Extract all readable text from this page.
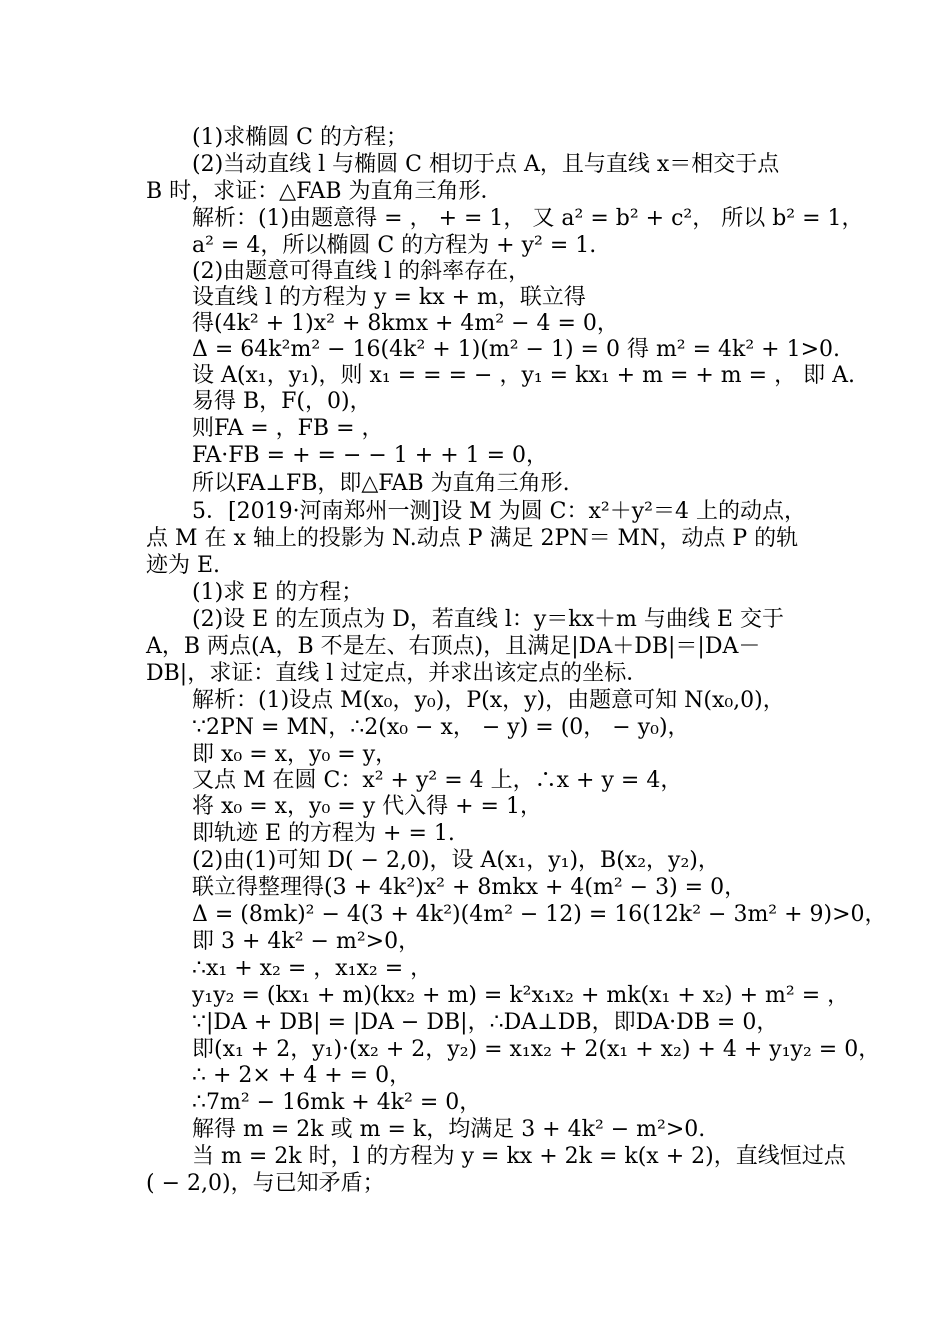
(1)求椭圆 C 的方程；
(2)当动直线 l 与椭圆 C 相切于点 A，且与直线 x＝相交于点
B 时，求证：△FAB 为直角三角形．
解析：(1)由题意得 = ， + = 1， 又 a² = b² + c²， 所以 b² = 1，
a² = 4，所以椭圆 C 的方程为 + y² = 1.
(2)由题意可得直线 l 的斜率存在，
设直线 l 的方程为 y = kx + m，联立得
得(4k² + 1)x² + 8kmx + 4m² − 4 = 0，
Δ = 64k²m² − 16(4k² + 1)(m² − 1) = 0 得 m² = 4k² + 1>0.
设 A(x₁，y₁)，则 x₁ = = = − ，y₁ = kx₁ + m = + m = ， 即 A.
易得 B，F(，0)，
则FA = ，FB = ，
FA·FB = + = − − 1 + + 1 = 0，
所以FA⊥FB，即△FAB 为直角三角形.
5．[2019·河南郑州一测]设 M 为圆 C：x²＋y²＝4 上的动点，
点 M 在 x 轴上的投影为 N.动点 P 满足 2PN＝ MN，动点 P 的轨
迹为 E.
(1)求 E 的方程；
(2)设 E 的左顶点为 D，若直线 l：y＝kx＋m 与曲线 E 交于
A，B 两点(A，B 不是左、右顶点)，且满足|DA＋DB|＝|DA－
DB|，求证：直线 l 过定点，并求出该定点的坐标．
解析：(1)设点 M(x₀，y₀)，P(x，y)，由题意可知 N(x₀,0)，
∵2PN = MN，∴2(x₀ − x， − y) = (0， − y₀)，
即 x₀ = x，y₀ = y，
又点 M 在圆 C：x² + y² = 4 上，∴x + y = 4，
将 x₀ = x，y₀ = y 代入得 + = 1，
即轨迹 E 的方程为 + = 1.
(2)由(1)可知 D( − 2,0)，设 A(x₁，y₁)，B(x₂，y₂)，
联立得整理得(3 + 4k²)x² + 8mkx + 4(m² − 3) = 0，
Δ = (8mk)² − 4(3 + 4k²)(4m² − 12) = 16(12k² − 3m² + 9)>0，
即 3 + 4k² − m²>0，
∴x₁ + x₂ = ，x₁x₂ = ，
y₁y₂ = (kx₁ + m)(kx₂ + m) = k²x₁x₂ + mk(x₁ + x₂) + m² = ，
∵|DA + DB| = |DA − DB|，∴DA⊥DB，即DA·DB = 0，
即(x₁ + 2，y₁)·(x₂ + 2，y₂) = x₁x₂ + 2(x₁ + x₂) + 4 + y₁y₂ = 0，
∴ + 2× + 4 + = 0，
∴7m² − 16mk + 4k² = 0，
解得 m = 2k 或 m = k，均满足 3 + 4k² − m²>0.
当 m = 2k 时，l 的方程为 y = kx + 2k = k(x + 2)，直线恒过点
( − 2,0)，与已知矛盾；
